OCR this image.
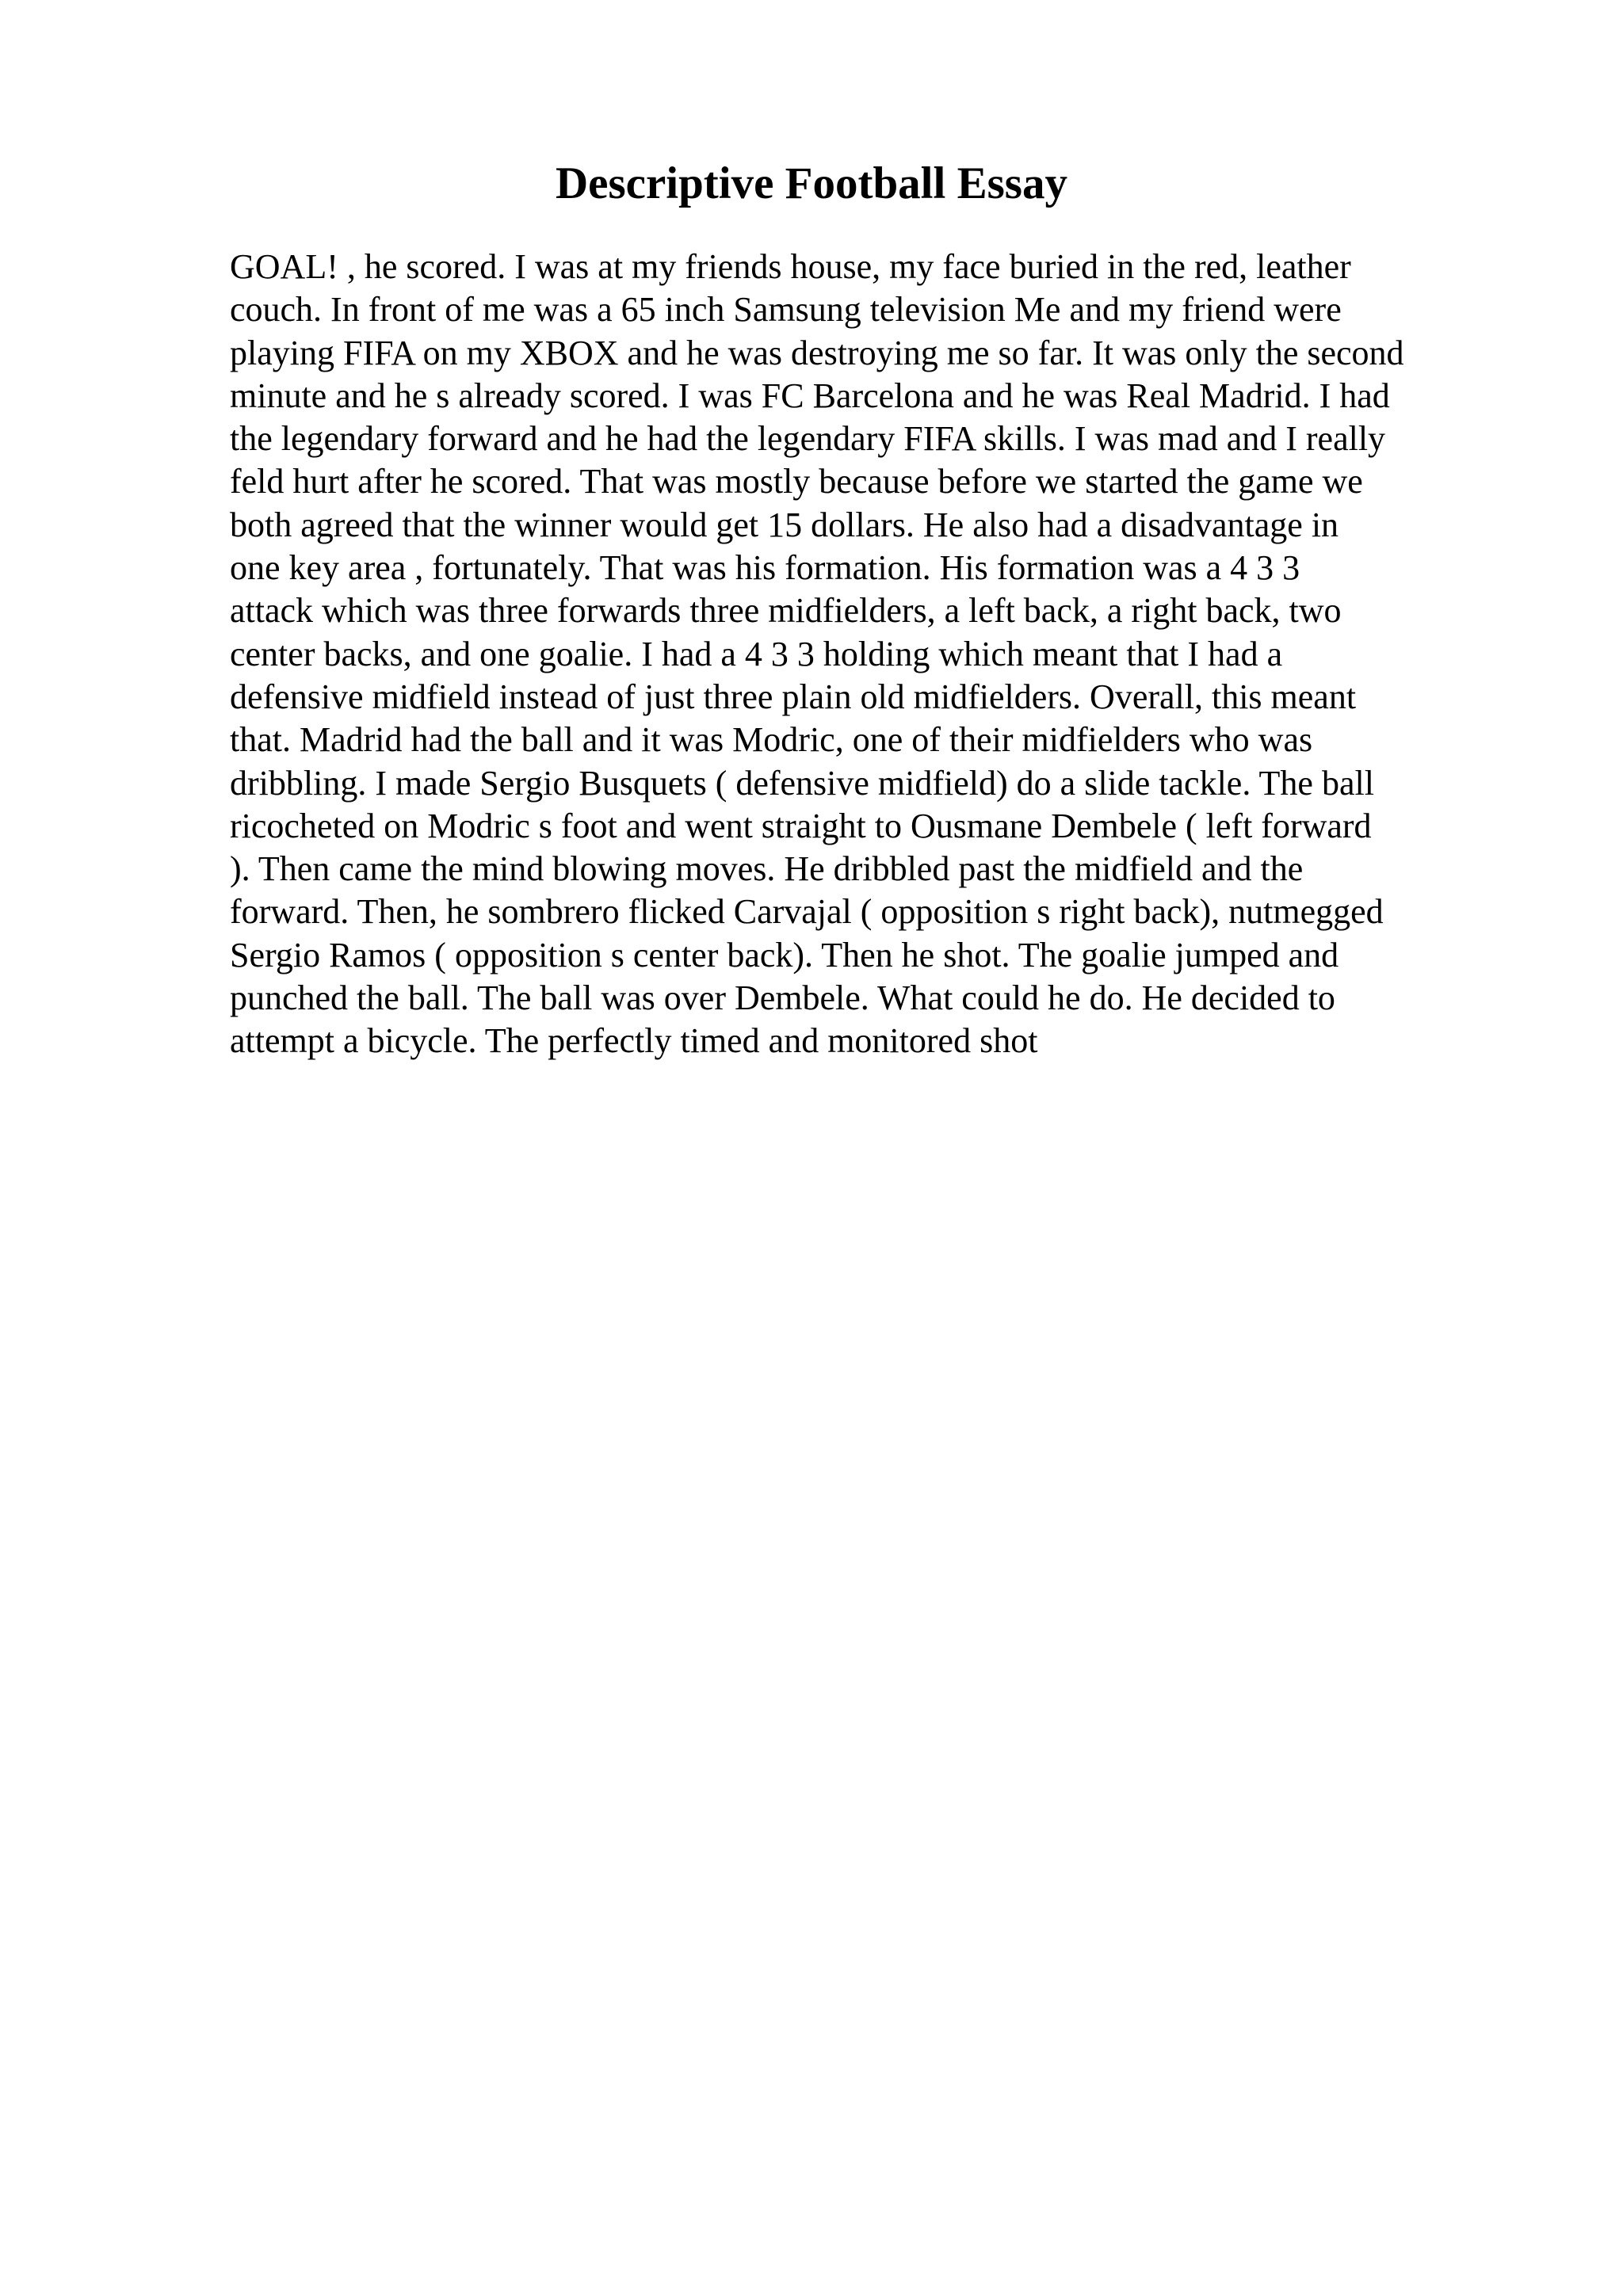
Descriptive Football Essay

GOAL! , he scored. I was at my friends house, my face buried in the red, leather
couch. In front of me was a 65 inch Samsung television Me and my friend were
playing FIFA on my XBOX and he was destroying me so far. It was only the second
minute and he s already scored. I was FC Barcelona and he was Real Madrid. I had
the legendary forward and he had the legendary FIFA skills. I was mad and I really
feld hurt after he scored. That was mostly because before we started the game we
both agreed that the winner would get 15 dollars. He also had a disadvantage in
one key area , fortunately. That was his formation. His formation was a 4 3 3
attack which was three forwards three midfielders, a left back, a right back, two
center backs, and one goalie. I had a 4 3 3 holding which meant that I had a
defensive midfield instead of just three plain old midfielders. Overall, this meant
that. Madrid had the ball and it was Modric, one of their midfielders who was
dribbling. I made Sergio Busquets ( defensive midfield) do a slide tackle. The ball
ricocheted on Modric s foot and went straight to Ousmane Dembele ( left forward
). Then came the mind blowing moves. He dribbled past the midfield and the
forward. Then, he sombrero flicked Carvajal ( opposition s right back), nutmegged
Sergio Ramos ( opposition s center back). Then he shot. The goalie jumped and
punched the ball. The ball was over Dembele. What could he do. He decided to
attempt a bicycle. The perfectly timed and monitored shot
